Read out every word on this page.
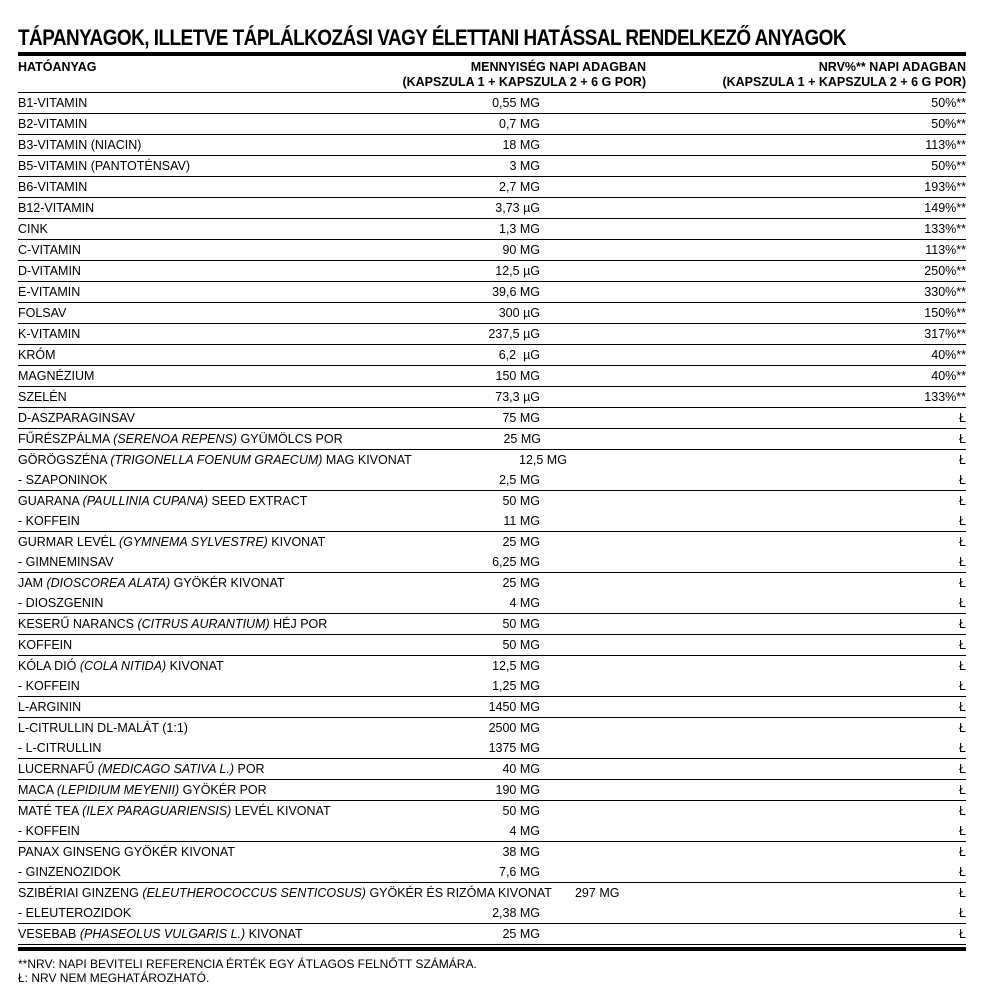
TÁPANYAGOK, ILLETVE TÁPLÁLKOZÁSI VAGY ÉLETTANI HATÁSSAL RENDELKEZŐ ANYAGOK
HATÓANYAG	MENNYISÉG NAPI ADAGBAN
(KAPSZULA 1 + KAPSZULA 2 + 6 G POR)
NRV%** NAPI ADAGBAN
(KAPSZULA 1 + KAPSZULA 2 + 6 G POR)
B1-VITAMIN	0,55 MG	50%**
B2-VITAMIN	0,7 MG	50%**
B3-VITAMIN (NIACIN)	18 MG	113%**
B5-VITAMIN (PANTOTÉNSAV)	3 MG	50%**
B6-VITAMIN	2,7 MG	193%**
B12-VITAMIN	3,73 µG	149%**
CINK	1,3 MG	133%**
C-VITAMIN	90 MG	113%**
D-VITAMIN	12,5 µG	250%**
E-VITAMIN	39,6 MG	330%**
FOLSAV	300 µG	150%**
K-VITAMIN	237,5 µG	317%**
KRÓM	6,2  µG	40%**
MAGNÉZIUM	150 MG	40%**
SZELÉN	73,3 µG	133%**
D-ASZPARAGINSAV	75 MG	Ł
FŰRÉSZPÁLMA (SERENOA REPENS) GYÜMÖLCS POR	25 MG	Ł
GÖRÖGSZÉNA (TRIGONELLA FOENUM GRAECUM) MAG KIVONAT	12,5 MG	Ł
- SZAPONINOK	2,5 MG	Ł
GUARANA (PAULLINIA CUPANA) SEED EXTRACT	50 MG	Ł
- KOFFEIN	11 MG	Ł
GURMAR LEVÉL (GYMNEMA SYLVESTRE) KIVONAT	25 MG	Ł
- GIMNEMINSAV	6,25 MG	Ł
JAM (DIOSCOREA ALATA) GYÖKÉR KIVONAT	25 MG	Ł
- DIOSZGENIN	4 MG	Ł
KESERŰ NARANCS (CITRUS AURANTIUM) HÉJ POR	50 MG	Ł
KOFFEIN	50 MG	Ł
KÓLA DIÓ (COLA NITIDA) KIVONAT	12,5 MG	Ł
- KOFFEIN	1,25 MG	Ł
L-ARGININ	1450 MG	Ł
L-CITRULLIN DL-MALÁT (1:1)	2500 MG	Ł
- L-CITRULLIN	1375 MG	Ł
LUCERNAFŰ (MEDICAGO SATIVA L.) POR	40 MG	Ł
MACA (LEPIDIUM MEYENII) GYÖKÉR POR	190 MG	Ł
MATÉ TEA (ILEX PARAGUARIENSIS) LEVÉL KIVONAT	50 MG	Ł
- KOFFEIN	4 MG	Ł
PANAX GINSENG GYÖKÉR KIVONAT	38 MG	Ł
- GINZENOZIDOK	7,6 MG	Ł
SZIBÉRIAI GINZENG (ELEUTHEROCOCCUS SENTICOSUS) GYÖKÉR ÉS RIZÓMA KIVONAT	297 MG	Ł
- ELEUTEROZIDOK	2,38 MG	Ł
VESEBAB (PHASEOLUS VULGARIS L.) KIVONAT	25 MG	Ł
**NRV: NAPI BEVITELI REFERENCIA ÉRTÉK EGY ÁTLAGOS FELNŐTT SZÁMÁRA.
Ł: NRV NEM MEGHATÁROZHATÓ.
